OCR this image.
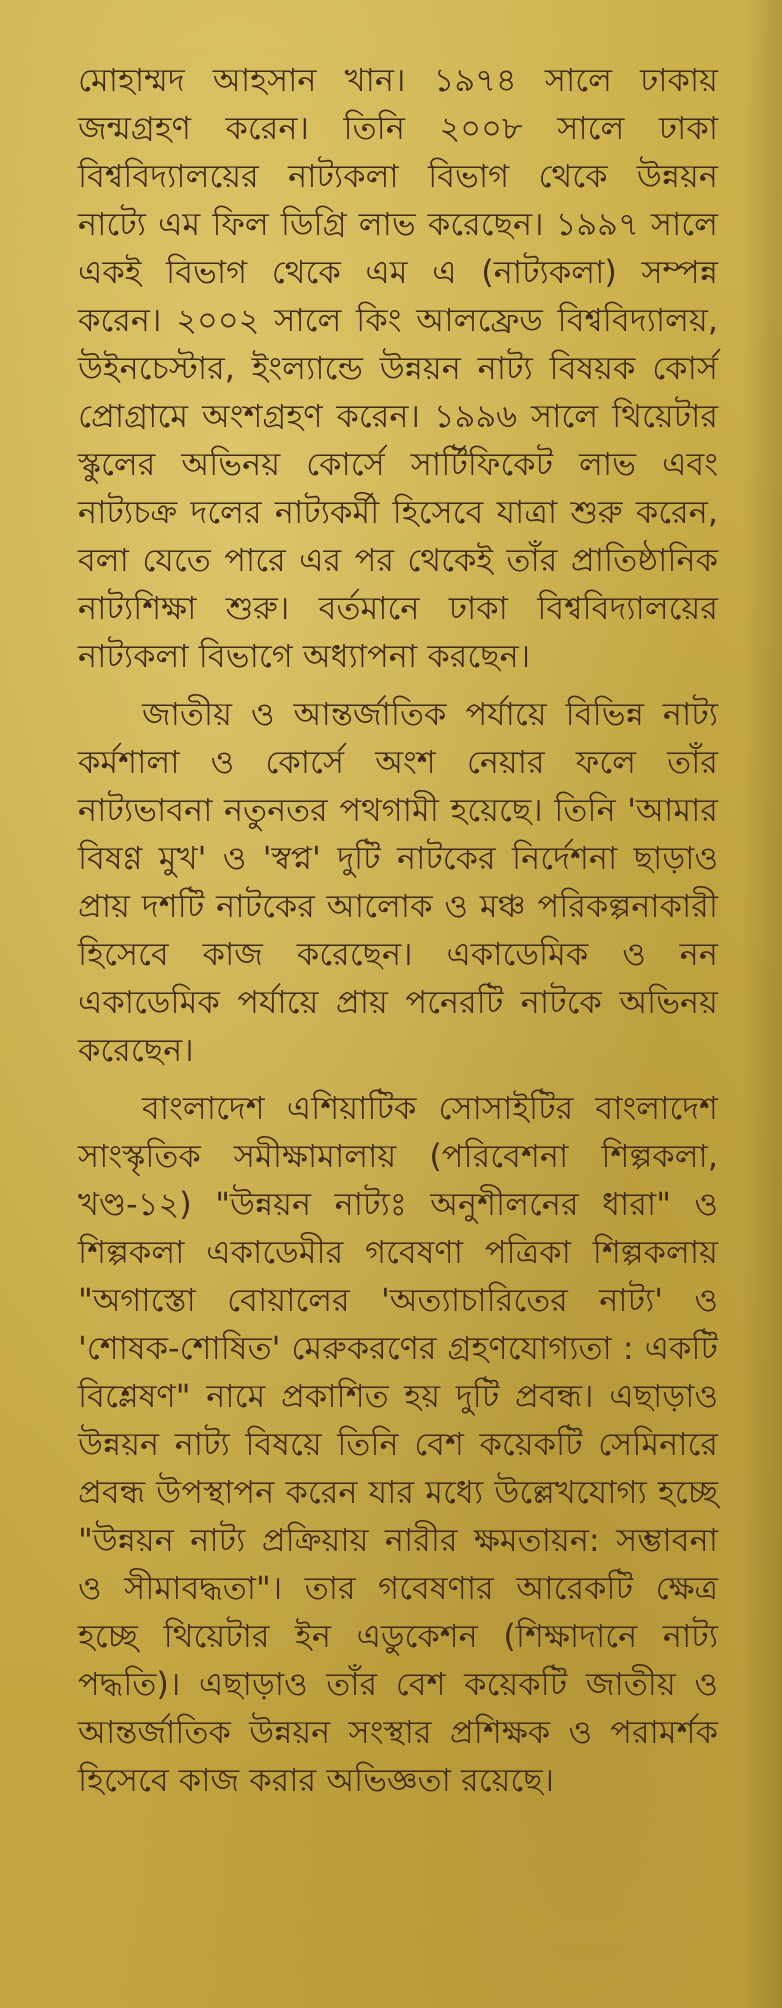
মোহাম্মদ আহসান খান। ১৯৭৪ সালে ঢাকায় জন্মগ্রহণ করেন। তিনি ২০০৮ সালে ঢাকা বিশ্ববিদ্যালয়ের নাট্যকলা বিভাগ থেকে উন্নয়ন নাট্যে এম ফিল ডিগ্রি লাভ করেছেন। ১৯৯৭ সালে একই বিভাগ থেকে এম এ (নাট্যকলা) সম্পন্ন করেন। ২০০২ সালে কিং আলফ্রেড বিশ্ববিদ্যালয়, উইনচেস্টার, ইংল্যান্ডে উন্নয়ন নাট্য বিষয়ক কোর্স প্রোগ্রামে অংশগ্রহণ করেন। ১৯৯৬ সালে থিয়েটার স্কুলের অভিনয় কোর্সে সার্টিফিকেট লাভ এবং নাট্যচক্র দলের নাট্যকর্মী হিসেবে যাত্রা শুরু করেন, বলা যেতে পারে এর পর থেকেই তাঁর প্রাতিষ্ঠানিক নাট্যশিক্ষা শুরু। বর্তমানে ঢাকা বিশ্ববিদ্যালয়ের নাট্যকলা বিভাগে অধ্যাপনা করছেন।

জাতীয় ও আন্তর্জাতিক পর্যায়ে বিভিন্ন নাট্য কর্মশালা ও কোর্সে অংশ নেয়ার ফলে তাঁর নাট্যভাবনা নতুনতর পথগামী হয়েছে। তিনি 'আমার বিষণ্ণ মুখ' ও 'স্বপ্ন' দুটি নাটকের নির্দেশনা ছাড়াও প্রায় দশটি নাটকের আলোক ও মঞ্চ পরিকল্পনাকারী হিসেবে কাজ করেছেন। একাডেমিক ও নন একাডেমিক পর্যায়ে প্রায় পনেরটি নাটকে অভিনয় করেছেন।

বাংলাদেশ এশিয়াটিক সোসাইটির বাংলাদেশ সাংস্কৃতিক সমীক্ষামালায় (পরিবেশনা শিল্পকলা, খণ্ড-১২) "উন্নয়ন নাট্যঃ অনুশীলনের ধারা" ও শিল্পকলা একাডেমীর গবেষণা পত্রিকা শিল্পকলায় "অগাস্তো বোয়ালের 'অত্যাচারিতের নাট্য' ও 'শোষক-শোষিত' মেরুকরণের গ্রহণযোগ্যতা : একটি বিশ্লেষণ" নামে প্রকাশিত হয় দুটি প্রবন্ধ। এছাড়াও উন্নয়ন নাট্য বিষয়ে তিনি বেশ কয়েকটি সেমিনারে প্রবন্ধ উপস্থাপন করেন যার মধ্যে উল্লেখযোগ্য হচ্ছে "উন্নয়ন নাট্য প্রক্রিয়ায় নারীর ক্ষমতায়ন: সম্ভাবনা ও সীমাবদ্ধতা"। তার গবেষণার আরেকটি ক্ষেত্র হচ্ছে থিয়েটার ইন এডুকেশন (শিক্ষাদানে নাট্য পদ্ধতি)। এছাড়াও তাঁর বেশ কয়েকটি জাতীয় ও আন্তর্জাতিক উন্নয়ন সংস্থার প্রশিক্ষক ও পরামর্শক হিসেবে কাজ করার অভিজ্ঞতা রয়েছে।
